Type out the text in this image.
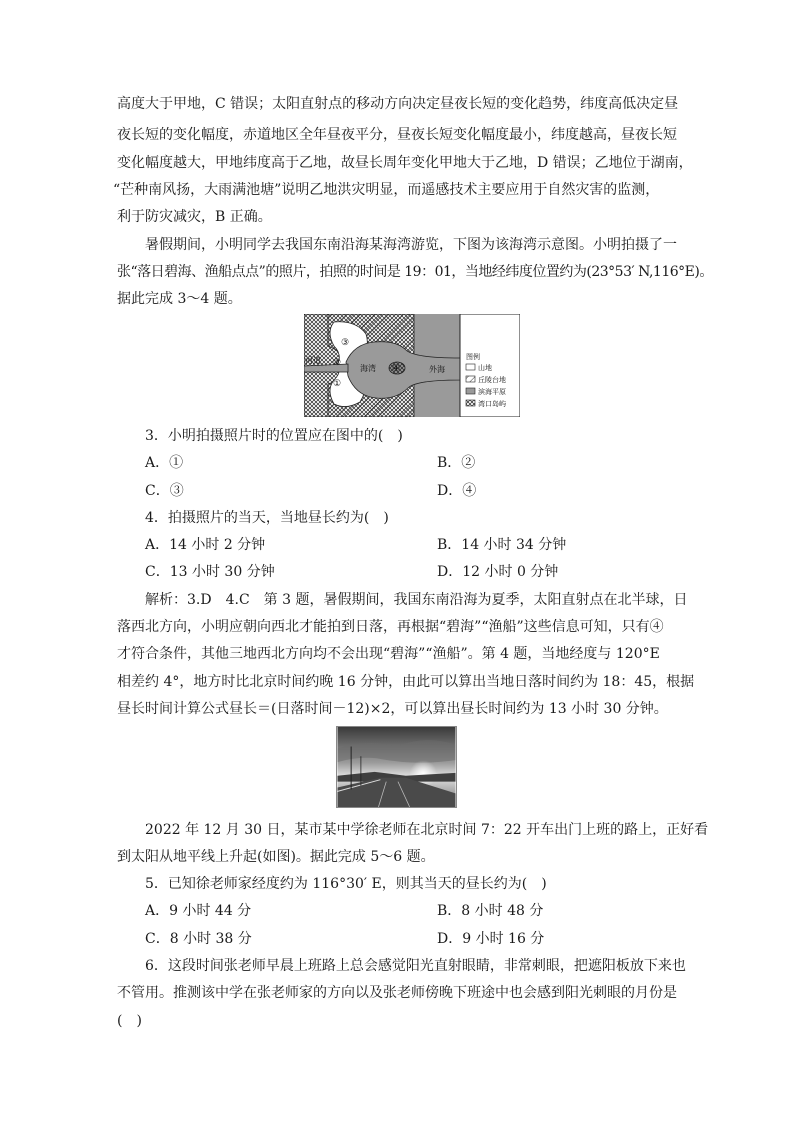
高度大于甲地，C 错误；太阳直射点的移动方向决定昼夜长短的变化趋势，纬度高低决定昼
夜长短的变化幅度，赤道地区全年昼夜平分，昼夜长短变化幅度最小，纬度越高，昼夜长短
变化幅度越大，甲地纬度高于乙地，故昼长周年变化甲地大于乙地，D 错误；乙地位于湖南，
“芒种南风扬，大雨满池塘”说明乙地洪灾明显，而遥感技术主要应用于自然灾害的监测，
利于防灾减灾，B 正确。
暑假期间，小明同学去我国东南沿海某海湾游览，下图为该海湾示意图。小明拍摄了一
张“落日碧海、渔船点点”的照片，拍照的时间是 19：01，当地经纬度位置约为(23°53′ N,116°E)。
据此完成 3～4 题。
河道
海湾	外海
①
②
③
④
图例
山地
丘陵台地
滨海平原
湾口岛屿
3．小明拍摄照片时的位置应在图中的(　)
A．①	B．②
C．③	D．④
4．拍摄照片的当天，当地昼长约为(　)
A．14 小时 2 分钟	B．14 小时 34 分钟
C．13 小时 30 分钟	D．12 小时 0 分钟
解析：3.D　4.C　第 3 题，暑假期间，我国东南沿海为夏季，太阳直射点在北半球，日
落西北方向，小明应朝向西北才能拍到日落，再根据“碧海”“渔船”这些信息可知，只有④
才符合条件，其他三地西北方向均不会出现“碧海”“渔船”。第 4 题，当地经度与 120°E
相差约 4°，地方时比北京时间约晚 16 分钟，由此可以算出当地日落时间约为 18：45，根据
昼长时间计算公式昼长＝(日落时间－12)×2，可以算出昼长时间约为 13 小时 30 分钟。
2022 年 12 月 30 日，某市某中学徐老师在北京时间 7：22 开车出门上班的路上，正好看
到太阳从地平线上升起(如图)。据此完成 5～6 题。
5．已知徐老师家经度约为 116°30′ E，则其当天的昼长约为(　)
A．9 小时 44 分	B．8 小时 48 分
C．8 小时 38 分	D．9 小时 16 分
6．这段时间张老师早晨上班路上总会感觉阳光直射眼睛，非常刺眼，把遮阳板放下来也
不管用。推测该中学在张老师家的方向以及张老师傍晚下班途中也会感到阳光刺眼的月份是
(　)
